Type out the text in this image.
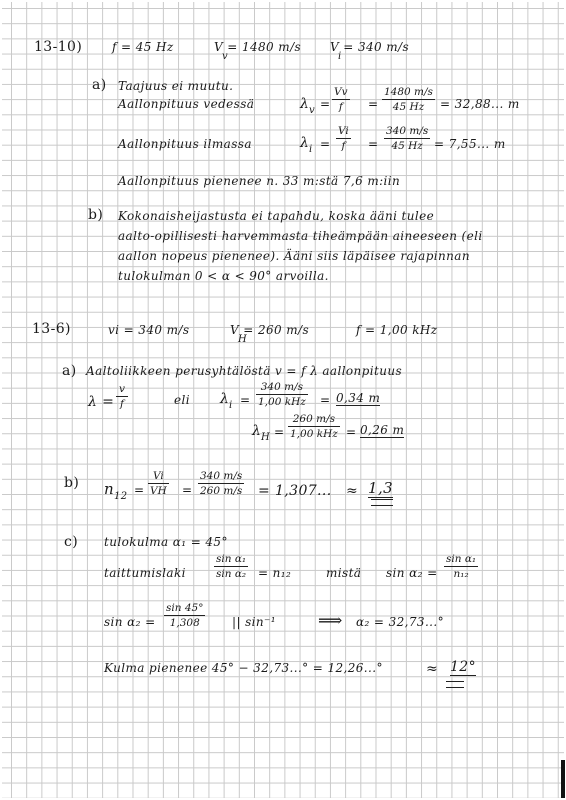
13-10) f = 45 Hz	V = 1480 m/s
v
V = 340 m/s
i
a) Taajuus ei muutu.
Aallonpituus vedessä	λ v =
Vv
f =
1480 m/s
45 Hz = 32,88... m
Aallonpituus ilmassa	λ i =
Vi
f =
340 m/s
45 Hz = 7,55... m
Aallonpituus pienenee n. 33 m:stä 7,6 m:iin
b) Kokonaisheijastusta ei tapahdu, koska ääni tulee
aalto-opillisesti harvemmasta tiheämpään aineeseen (eli
aallon nopeus pienenee). Ääni siis läpäisee rajapinnan
tulokulman 0 < α < 90° arvoilla.
13-6)	vi = 340 m/s	V = 260 m/s
H
f = 1,00 kHz
a) Aaltoliikkeen perusyhtälöstä v = f λ aallonpituus
λ =
v
f	eli λ i =
340 m/s
1,00 kHz = 0,34 m
λ H =
260 m/s
1,00 kHz = 0,26 m
b) n 12 =
Vi
VH =
340 m/s
260 m/s = 1,307... ≈ 1,3
c) tulokulma α₁ = 45°
taittumislaki
sin α₁
sin α₂ = n₁₂	mistä sin α₂ =
sin α₁
n₁₂
sin α₂ =
sin 45°
1,308	|| sin⁻¹ ⟹ α₂ = 32,73...°
Kulma pienenee 45° − 32,73...° = 12,26...°	≈ 12°
